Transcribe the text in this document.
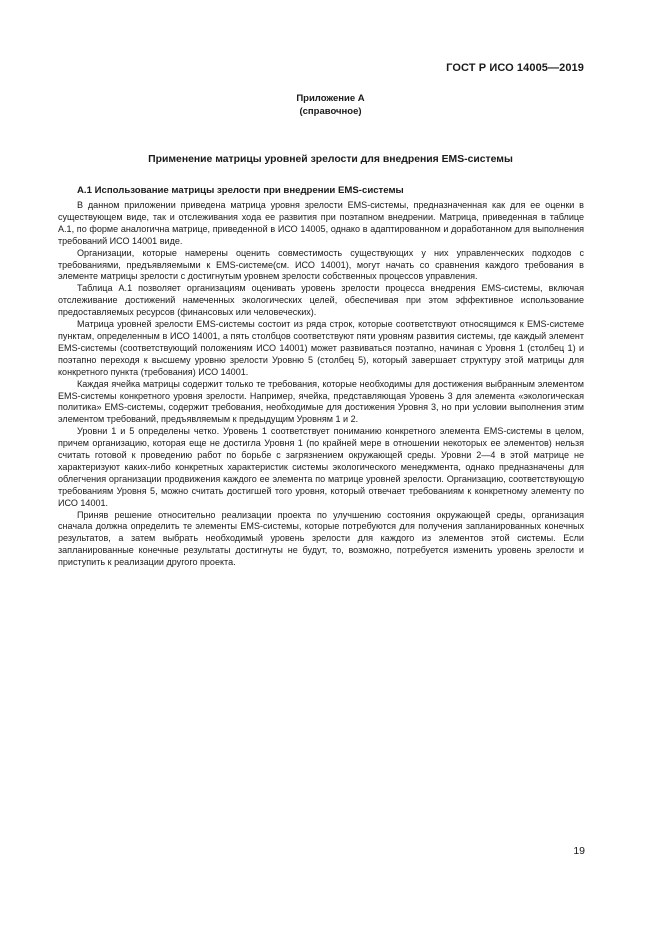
ГОСТ Р ИСО 14005—2019
Приложение А
(справочное)
Применение матрицы уровней зрелости для внедрения EMS-системы
А.1 Использование матрицы зрелости при внедрении EMS-системы

В данном приложении приведена матрица уровня зрелости EMS-системы, предназначенная как для ее оценки в существующем виде, так и отслеживания хода ее развития при поэтапном внедрении. Матрица, приведенная в таблице А.1, по форме аналогична матрице, приведенной в ИСО 14005, однако в адаптированном и доработанном для выполнения требований ИСО 14001 виде.

Организации, которые намерены оценить совместимость существующих у них управленческих подходов с требованиями, предъявляемыми к EMS-системе(см. ИСО 14001), могут начать со сравнения каждого требования в элементе матрицы зрелости с достигнутым уровнем зрелости собственных процессов управления.

Таблица А.1 позволяет организациям оценивать уровень зрелости процесса внедрения EMS-системы, включая отслеживание достижений намеченных экологических целей, обеспечивая при этом эффективное использование предоставляемых ресурсов (финансовых или человеческих).

Матрица уровней зрелости EMS-системы состоит из ряда строк, которые соответствуют относящимся к EMS-системе пунктам, определенным в ИСО 14001, а пять столбцов соответствуют пяти уровням развития системы, где каждый элемент EMS-системы (соответствующий положениям ИСО 14001) может развиваться поэтапно, начиная с Уровня 1 (столбец 1) и поэтапно переходя к высшему уровню зрелости Уровню 5 (столбец 5), который завершает структуру этой матрицы для конкретного пункта (требования) ИСО 14001.

Каждая ячейка матрицы содержит только те требования, которые необходимы для достижения выбранным элементом EMS-системы конкретного уровня зрелости. Например, ячейка, представляющая Уровень 3 для элемента «экологическая политика» EMS-системы, содержит требования, необходимые для достижения Уровня 3, но при условии выполнения этим элементом требований, предъявляемым к предыдущим Уровням 1 и 2.

Уровни 1 и 5 определены четко. Уровень 1 соответствует пониманию конкретного элемента EMS-системы в целом, причем организацию, которая еще не достигла Уровня 1 (по крайней мере в отношении некоторых ее элементов) нельзя считать готовой к проведению работ по борьбе с загрязнением окружающей среды. Уровни 2—4 в этой матрице не характеризуют каких-либо конкретных характеристик системы экологического менеджмента, однако предназначены для облегчения организации продвижения каждого ее элемента по матрице уровней зрелости. Организацию, соответствующую требованиям Уровня 5, можно считать достигшей того уровня, который отвечает требованиям к конкретному элементу по ИСО 14001.

Приняв решение относительно реализации проекта по улучшению состояния окружающей среды, организация сначала должна определить те элементы EMS-системы, которые потребуются для получения запланированных конечных результатов, а затем выбрать необходимый уровень зрелости для каждого из элементов этой системы. Если запланированные конечные результаты достигнуты не будут, то, возможно, потребуется изменить уровень зрелости и приступить к реализации другого проекта.

19
